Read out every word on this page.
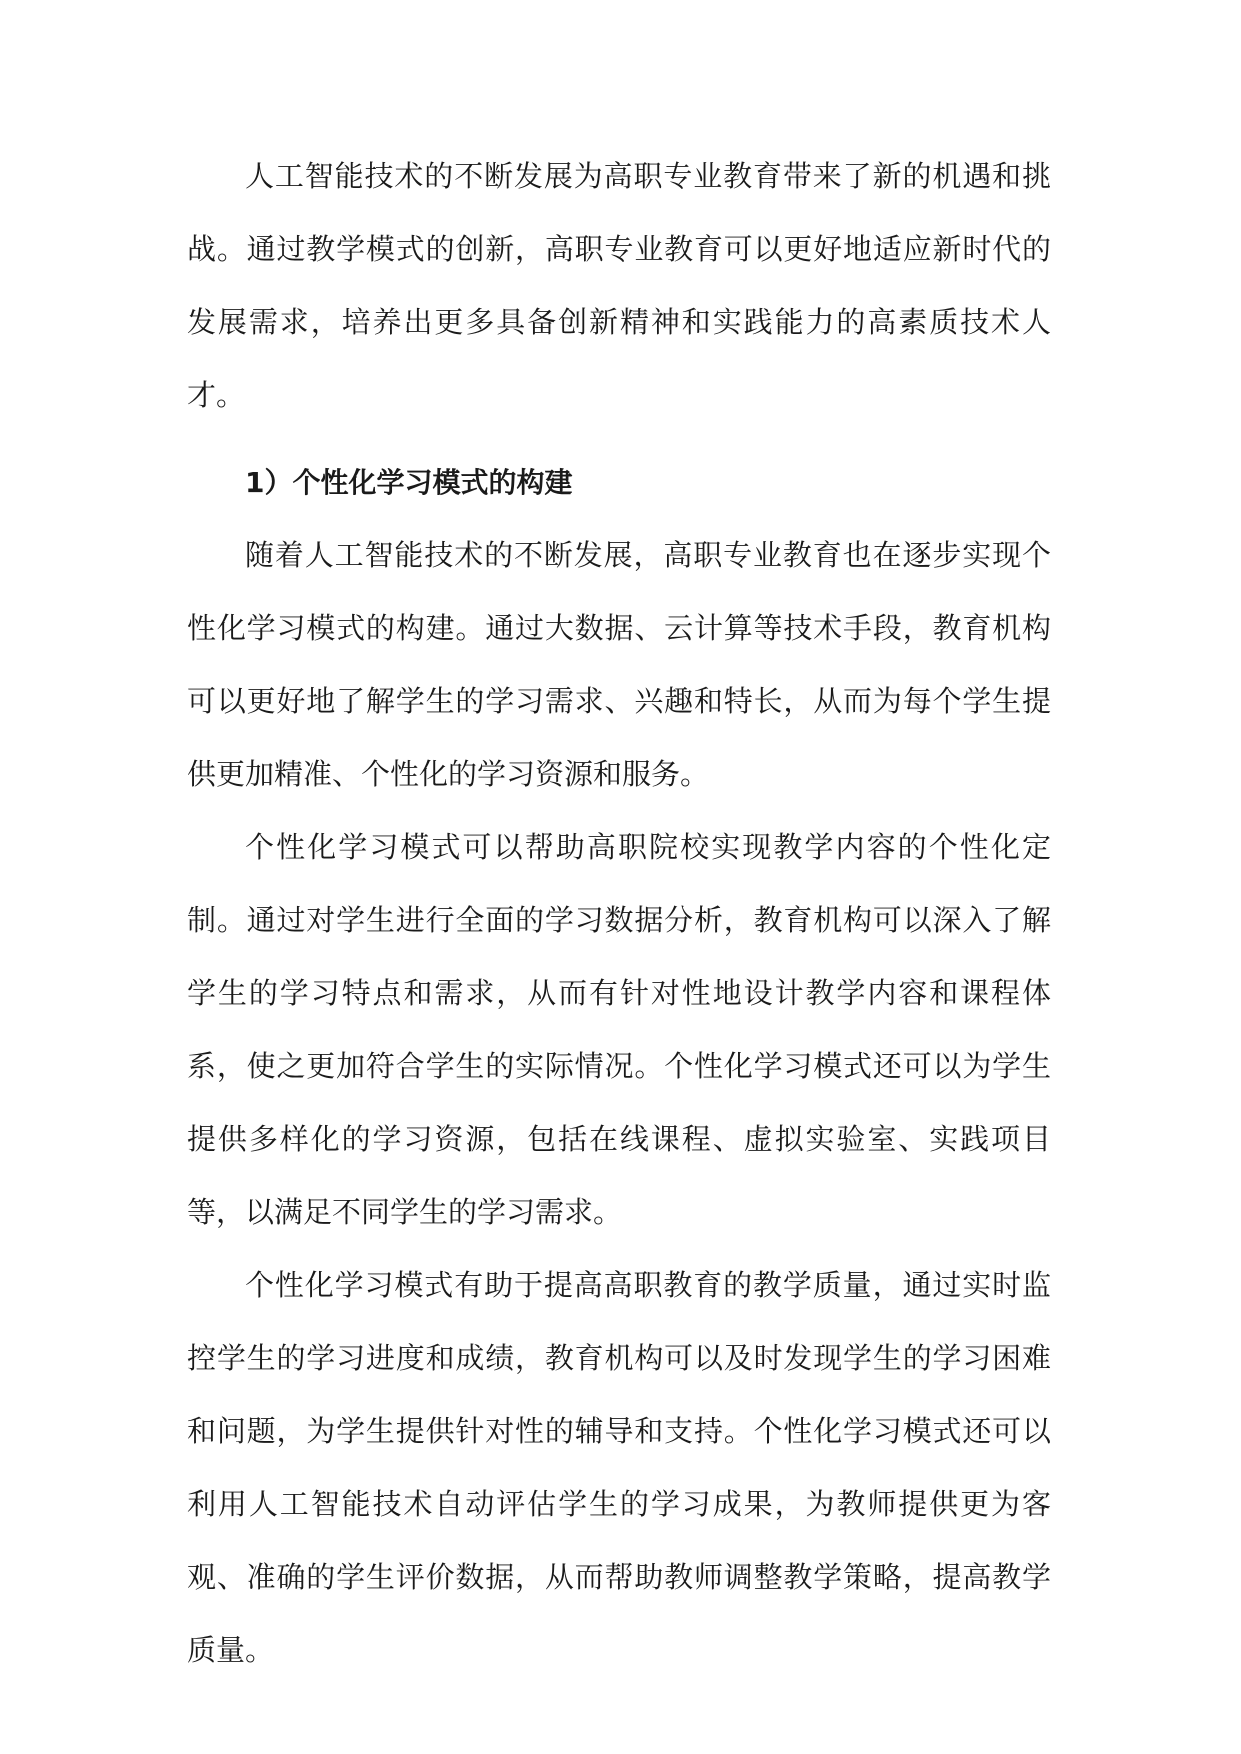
人工智能技术的不断发展为高职专业教育带来了新的机遇和挑战。通过教学模式的创新，高职专业教育可以更好地适应新时代的发展需求，培养出更多具备创新精神和实践能力的高素质技术人才。

1）个性化学习模式的构建

随着人工智能技术的不断发展，高职专业教育也在逐步实现个性化学习模式的构建。通过大数据、云计算等技术手段，教育机构可以更好地了解学生的学习需求、兴趣和特长，从而为每个学生提供更加精准、个性化的学习资源和服务。

个性化学习模式可以帮助高职院校实现教学内容的个性化定制。通过对学生进行全面的学习数据分析，教育机构可以深入了解学生的学习特点和需求，从而有针对性地设计教学内容和课程体系，使之更加符合学生的实际情况。个性化学习模式还可以为学生提供多样化的学习资源，包括在线课程、虚拟实验室、实践项目等，以满足不同学生的学习需求。

个性化学习模式有助于提高高职教育的教学质量，通过实时监控学生的学习进度和成绩，教育机构可以及时发现学生的学习困难和问题，为学生提供针对性的辅导和支持。个性化学习模式还可以利用人工智能技术自动评估学生的学习成果，为教师提供更为客观、准确的学生评价数据，从而帮助教师调整教学策略，提高教学质量。
